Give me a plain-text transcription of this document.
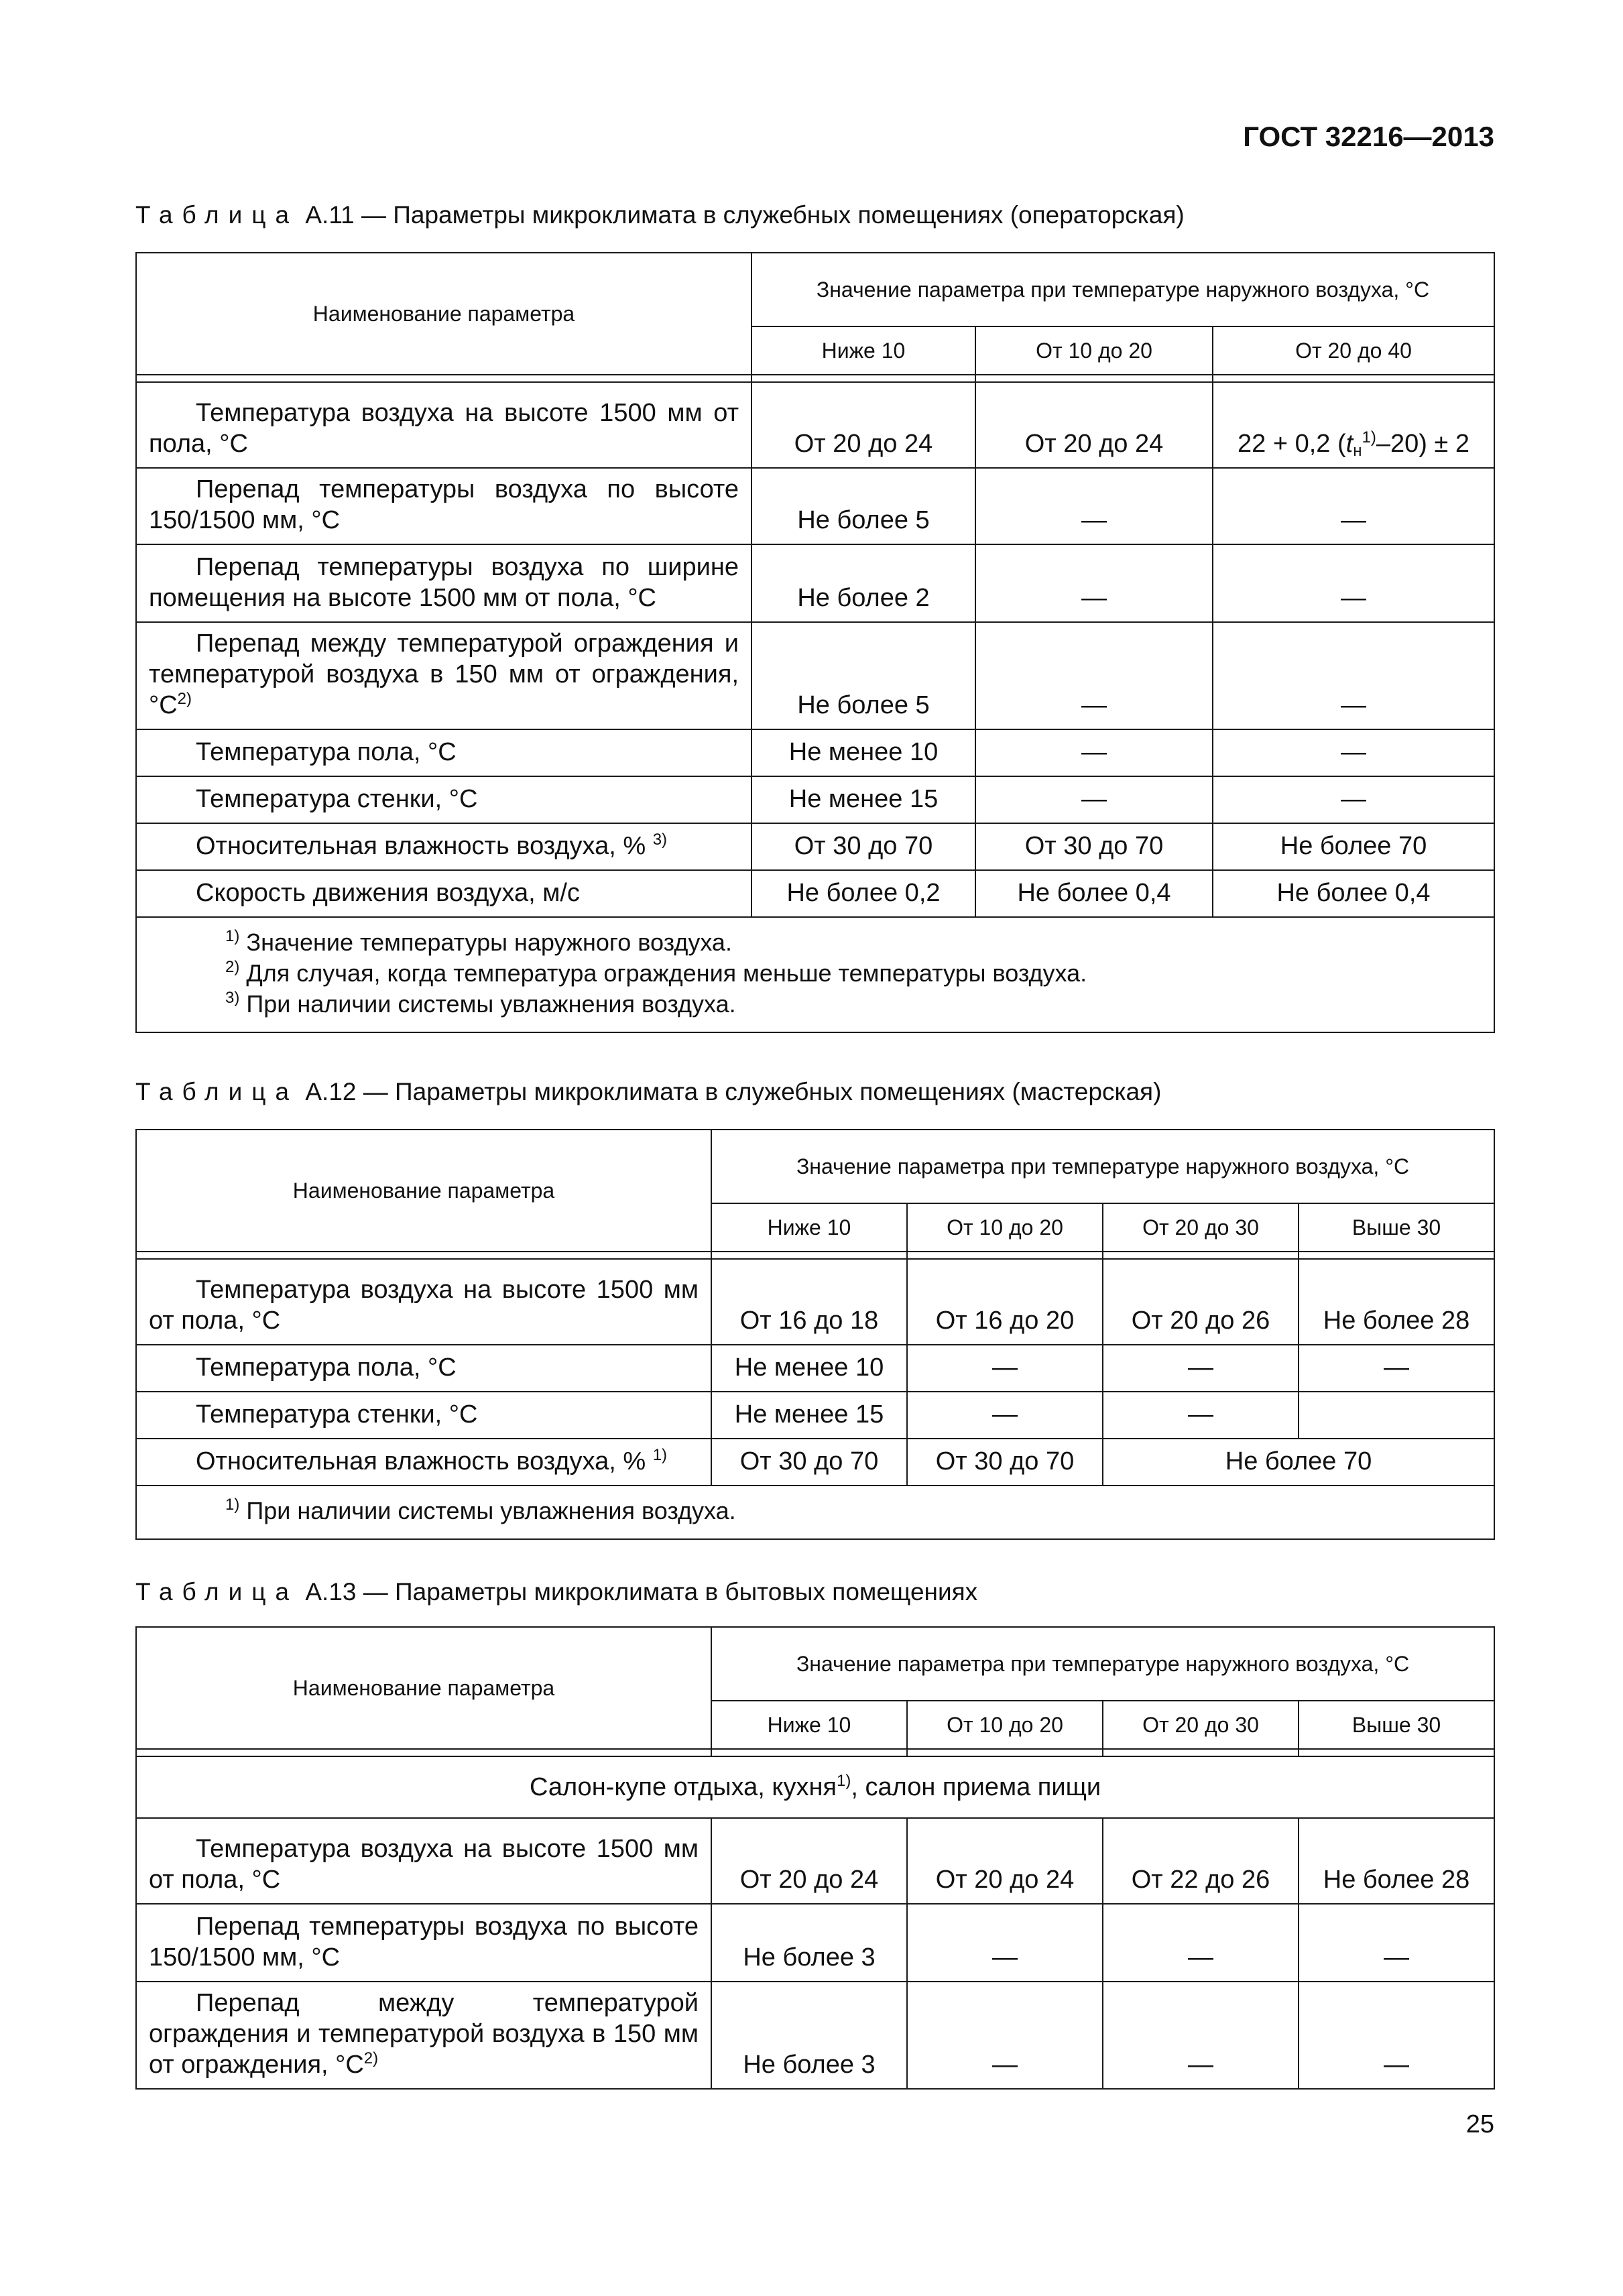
ГОСТ 32216—2013
Таблица А.11 — Параметры микроклимата в служебных помещениях (операторская)
Наименование параметра	Значение параметра при температуре наружного воздуха, °C		
	Ниже 10	От 10 до 20	От 20 до 40

Температура воздуха на высоте 1500 мм от пола, °C	От 20 до 24	От 20 до 24	22 + 0,2 $(t_н^{1)}-20) \pm 2$
Перепад температуры воздуха по высоте 150/1500 мм, °C	Не более 5	—	—
Перепад температуры воздуха по ширине помещения на высоте 1500 мм от пола, °C	Не более 2	—	—
Перепад между температурой ограждения и температурой воздуха в 150 мм от ограждения, $^\circ C^{2)}$	Не более 5	—	—
Температура пола, °C	Не менее 10	—	—
Температура стенки, °C	Не менее 15	—	—
Относительная влажность воздуха, % $^{3)}$	От 30 до 70	От 30 до 70	Не более 70
Скорость движения воздуха, м/с	Не более 0,2	Не более 0,4	Не более 0,4

$^{1)}$ Значение температуры наружного воздуха.
$^{2)}$ Для случая, когда температура ограждения меньше температуры воздуха.
$^{3)}$ При наличии системы увлажнения воздуха.			
Таблица А.12 — Параметры микроклимата в служебных помещениях (мастерская)
Наименование параметра	Значение параметра при температуре наружного воздуха, °C			
	Ниже 10	От 10 до 20	От 20 до 30	Выше 30

Температура воздуха на высоте 1500 мм от пола, °C	От 16 до 18	От 16 до 20	От 20 до 26	Не более 28
Температура пола, °C	Не менее 10	—	—	—
Температура стенки, °C	Не менее 15	—	—	
Относительная влажность воздуха, % $^{1)}$	От 30 до 70	От 30 до 70	Не более 70	

$^{1)}$ При наличии системы увлажнения воздуха.				
Таблица А.13 — Параметры микроклимата в бытовых помещениях
Наименование параметра	Значение параметра при температуре наружного воздуха, °C			
	Ниже 10	От 10 до 20	От 20 до 30	Выше 30

Салон-купе отдыха, кухня$^{1)}$, салон приема пищи				
Температура воздуха на высоте 1500 мм от пола, °C	От 20 до 24	От 20 до 24	От 22 до 26	Не более 28
Перепад температуры воздуха по высоте 150/1500 мм, °C	Не более 3	—	—	—
Перепад между температурой ограждения и температурой воздуха в 150 мм от ограждения, $^\circ C^{2)}$	Не более 3	—	—	—
25
